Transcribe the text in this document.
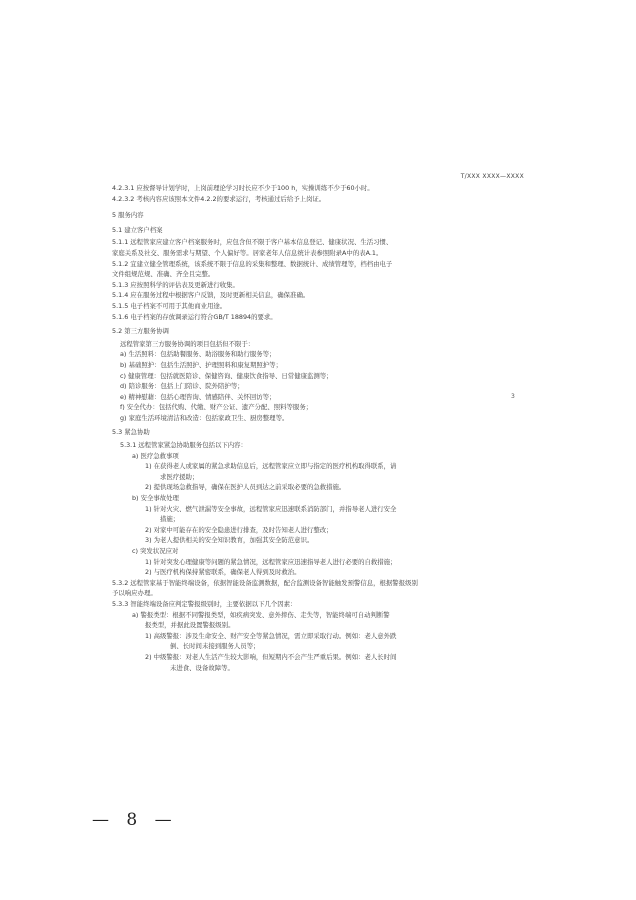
T/XXX XXXX—XXXX
4.2.3.1 应按督导计划学时，上岗前理论学习时长应不少于100 h，实操训练不少于60小时。
4.2.3.2 考核内容应该照本文件4.2.2的要求运行，考核通过后给予上岗证。
5 服务内容
5.1 建立客户档案
5.1.1 远程管家应建立客户档案服务时，应包含但不限于客户基本信息登记、健康状况、生活习惯、
家庭关系及社交、服务需求与期望、个人偏好等。居家老年人信息统计表参照附录A中的表A.1。
5.1.2 宜建立健全管理系统，该系统不限于信息的采集和整理、数据统计、成绩管理等，档档由电子
文件组规范规、准确、齐全且完整。
5.1.3 应按照科学的评估表及更新进行收集。
5.1.4 应在服务过程中根据客户反馈，及时更新相关信息，确保准确。
5.1.5 电子档案不可用于其他商业用途。
5.1.6 电子档案的存放调录运行符合GB/T 18894的要求。
5.2 第三方服务协调
远程管家第三方服务协调的项目包括但不限于：
a) 生活照料：包括助餐服务、助浴服务和助行服务等；
b) 基础照护：包括生活照护、护理照料和康复期照护等；
c) 健康管理：包括就医陪诊、保健咨询、健康饮食指导、日常健康监测等；
d) 陪诊服务：包括上门陪诊、院外陪护等；
e) 精神慰藉：包括心理咨询、情感陪伴、关怀回访等；
f) 安全代办：包括代购、代缴、财产公证、遗产分配、照料等服务；
g) 家庭生活环境清洁和改造：包括家政卫生、厨房整理等。
5.3 紧急协助
5.3.1 远程管家紧急协助服务包括以下内容：
a) 医疗急救事项
1) 在获得老人或家属的紧急求助信息后，远程管家应立即与指定的医疗机构取得联系，请
求医疗援助；
2) 提供现场急救指导，确保在医护人员到达之前采取必要的急救措施。
b) 安全事故处理
1) 针对火灾、燃气泄漏等安全事故，远程管家应迅速联系消防部门，并指导老人进行安全
措施；
2) 对家中可能存在的安全隐患进行排查，及时告知老人进行整改；
3) 为老人提供相关的安全知识教育，加强其安全防范意识。
c) 突发状况应对
1) 针对突发心理健康等问题的紧急情况，远程管家应迅速指导老人进行必要的自救措施；
2) 与医疗机构保持紧密联系，确保老人得到及时救治。
5.3.2 远程管家基于智能终端设备，依据智能设备监测数据，配合监测设备智能触发预警信息，根据警报级别
予以响应办理。
5.3.3 智能终端设备应判定警报级别时，主要依据以下几个因素：
a) 警报类型：根据不同警报类型，如疾病突发、意外摔伤、走失等，智能终端可自动判断警
报类型，并据此设置警报级别。
1) 高级警报：涉及生命安全、财产安全等紧急情况，需立即采取行动。例如：老人意外跌
倒、长时间未接到服务人员等；
2) 中级警报：对老人生活产生较大影响，但短期内不会产生严重后果。例如：老人长时间
未进食、设备故障等。
3
— 8 —
